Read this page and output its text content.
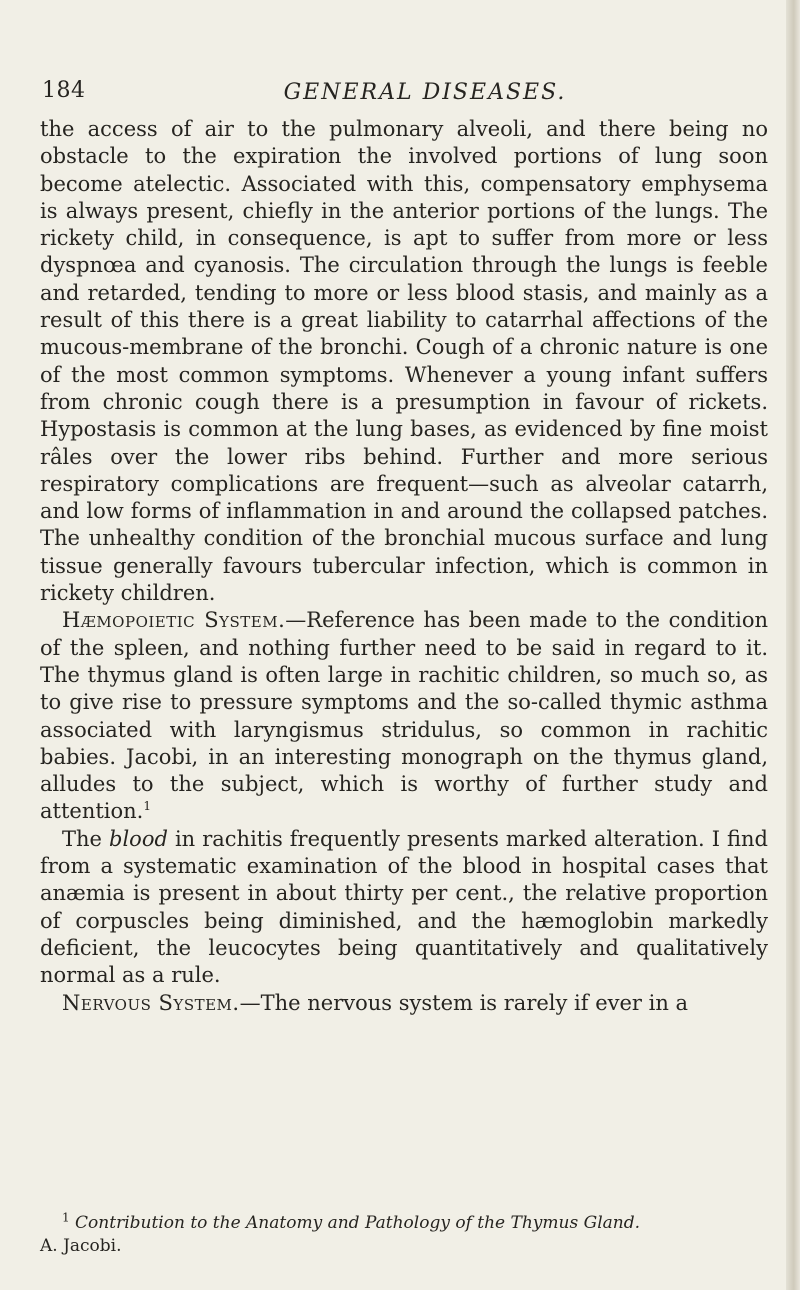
184	GENERAL DISEASES.

the access of air to the pulmonary alveoli, and there being no obstacle to the expiration the involved portions of lung soon become atelectic. Associated with this, compensatory emphysema is always present, chiefly in the anterior portions of the lungs. The rickety child, in consequence, is apt to suffer from more or less dyspnœa and cyanosis. The circulation through the lungs is feeble and retarded, tending to more or less blood stasis, and mainly as a result of this there is a great liability to catarrhal affections of the mucous-membrane of the bronchi. Cough of a chronic nature is one of the most common symptoms. Whenever a young infant suffers from chronic cough there is a presumption in favour of rickets. Hypostasis is common at the lung bases, as evidenced by fine moist râles over the lower ribs behind. Further and more serious respiratory complications are frequent—such as alveolar catarrh, and low forms of inflammation in and around the collapsed patches. The unhealthy condition of the bronchial mucous surface and lung tissue generally favours tubercular infection, which is common in rickety children.

Hæmopoietic System.—Reference has been made to the condition of the spleen, and nothing further need to be said in regard to it. The thymus gland is often large in rachitic children, so much so, as to give rise to pressure symptoms and the so-called thymic asthma associated with laryngismus stridulus, so common in rachitic babies. Jacobi, in an interesting monograph on the thymus gland, alludes to the subject, which is worthy of further study and attention.$^1$

The blood in rachitis frequently presents marked alteration. I find from a systematic examination of the blood in hospital cases that anæmia is present in about thirty per cent., the relative proportion of corpuscles being diminished, and the hæmoglobin markedly deficient, the leucocytes being quantitatively and qualitatively normal as a rule.

Nervous System.—The nervous system is rarely if ever in a

$^1$ Contribution to the Anatomy and Pathology of the Thymus Gland.

A. Jacobi.
